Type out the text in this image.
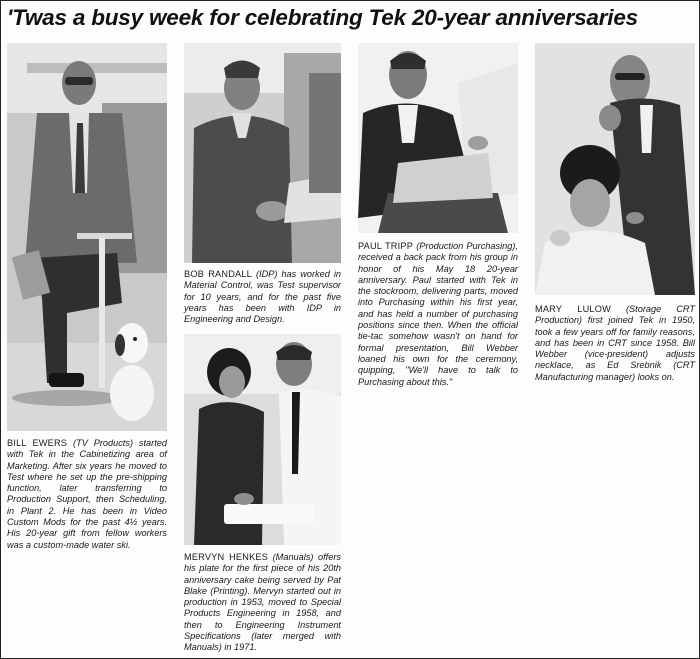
'Twas a busy week for celebrating Tek 20-year anniversaries
BILL EWERS (TV Products) started with Tek in the Cabinetizing area of Marketing. After six years he moved to Test where he set up the pre-shipping function, later transferring to Production Support, then Scheduling, in Plant 2. He has been in Video Custom Mods for the past 4½ years. His 20-year gift from fellow workers was a custom-made water ski.
BOB RANDALL (IDP) has worked in Material Control, was Test supervisor for 10 years, and for the past five years has been with IDP in Engineering and Design.
PAUL TRIPP (Production Purchasing), received a back pack from his group in honor of his May 18 20-year anniversary. Paul started with Tek in the stockroom, delivering parts, moved into Purchasing within his first year, and has held a number of purchasing positions since then. When the official tie-tac somehow wasn't on hand for formal presentation, Bill Webber loaned his own for the ceremony, quipping, "We'll have to talk to Purchasing about this."
MARY LULOW (Storage CRT Production) first joined Tek in 1950, took a few years off for family reasons, and has been in CRT since 1958. Bill Webber (vice-president) adjusts necklace, as Ed Srebnik (CRT Manufacturing manager) looks on.
MERVYN HENKES (Manuals) offers his plate for the first piece of his 20th anniversary cake being served by Pat Blake (Printing). Mervyn started out in production in 1953, moved to Special Products Engineering in 1958, and then to Engineering Instrument Specifications (later merged with Manuals) in 1971.
